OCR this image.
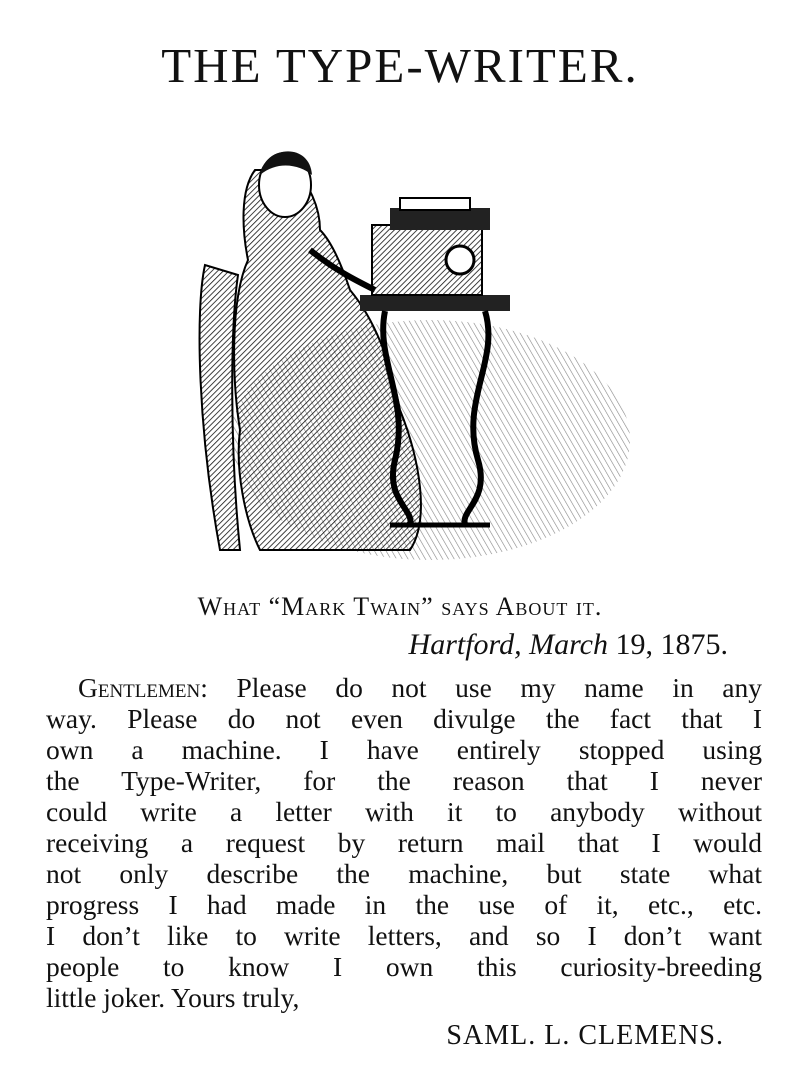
THE TYPE-WRITER.
What “Mark Twain” says About it.
Hartford, March 19, 1875.
Gentlemen: Please do not use my name in any
way. Please do not even divulge the fact that I
own a machine. I have entirely stopped using
the Type-Writer, for the reason that I never
could write a letter with it to anybody without
receiving a request by return mail that I would
not only describe the machine, but state what
progress I had made in the use of it, etc., etc.
I don’t like to write letters, and so I don’t want
people to know I own this curiosity-breeding
little joker. Yours truly,
SAML. L. CLEMENS.
